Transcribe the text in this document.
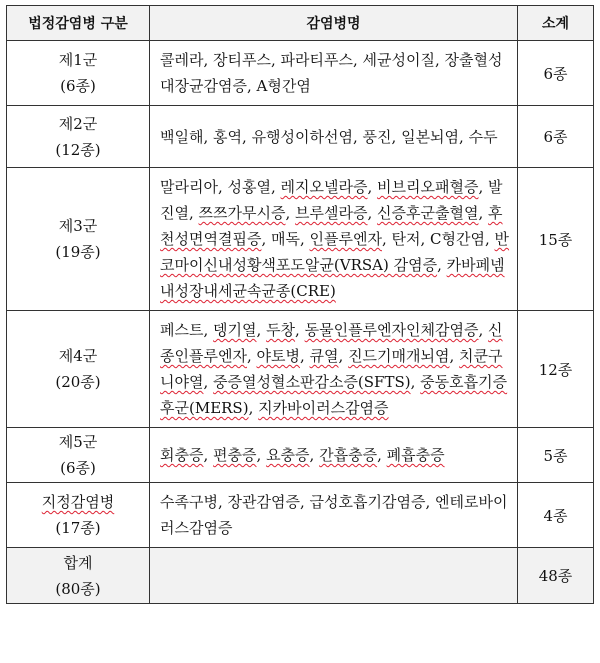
법정감염병 구분	감염병명	소계

제1군
(6종)	콜레라, 장티푸스, 파라티푸스, 세균성이질, 장출혈성대장균감염증, A형간염	6종

제2군
(12종)	백일해, 홍역, 유행성이하선염, 풍진, 일본뇌염, 수두	6종

제3군
(19종)	말라리아, 성홍열, 레지오넬라증, 비브리오패혈증, 발진열, 쯔쯔가무시증, 브루셀라증, 신증후군출혈열, 후천성면역결핍증, 매독, 인플루엔자, 탄저, C형간염, 반코마이신내성황색포도알균(VRSA) 감염증, 카바페넴내성장내세균속균종(CRE)	15종

제4군
(20종)	페스트, 뎅기열, 두창, 동물인플루엔자인체감염증, 신종인플루엔자, 야토병, 큐열, 진드기매개뇌염, 치쿤구니야열, 중증열성혈소판감소증(SFTS), 중동호흡기증후군(MERS), 지카바이러스감염증	12종

제5군
(6종)	회충증, 편충증, 요충증, 간흡충증, 폐흡충증	5종

지정감염병
(17종)	수족구병, 장관감염증, 급성호흡기감염증, 엔테로바이러스감염증	4종

합계
(80종)		48종
